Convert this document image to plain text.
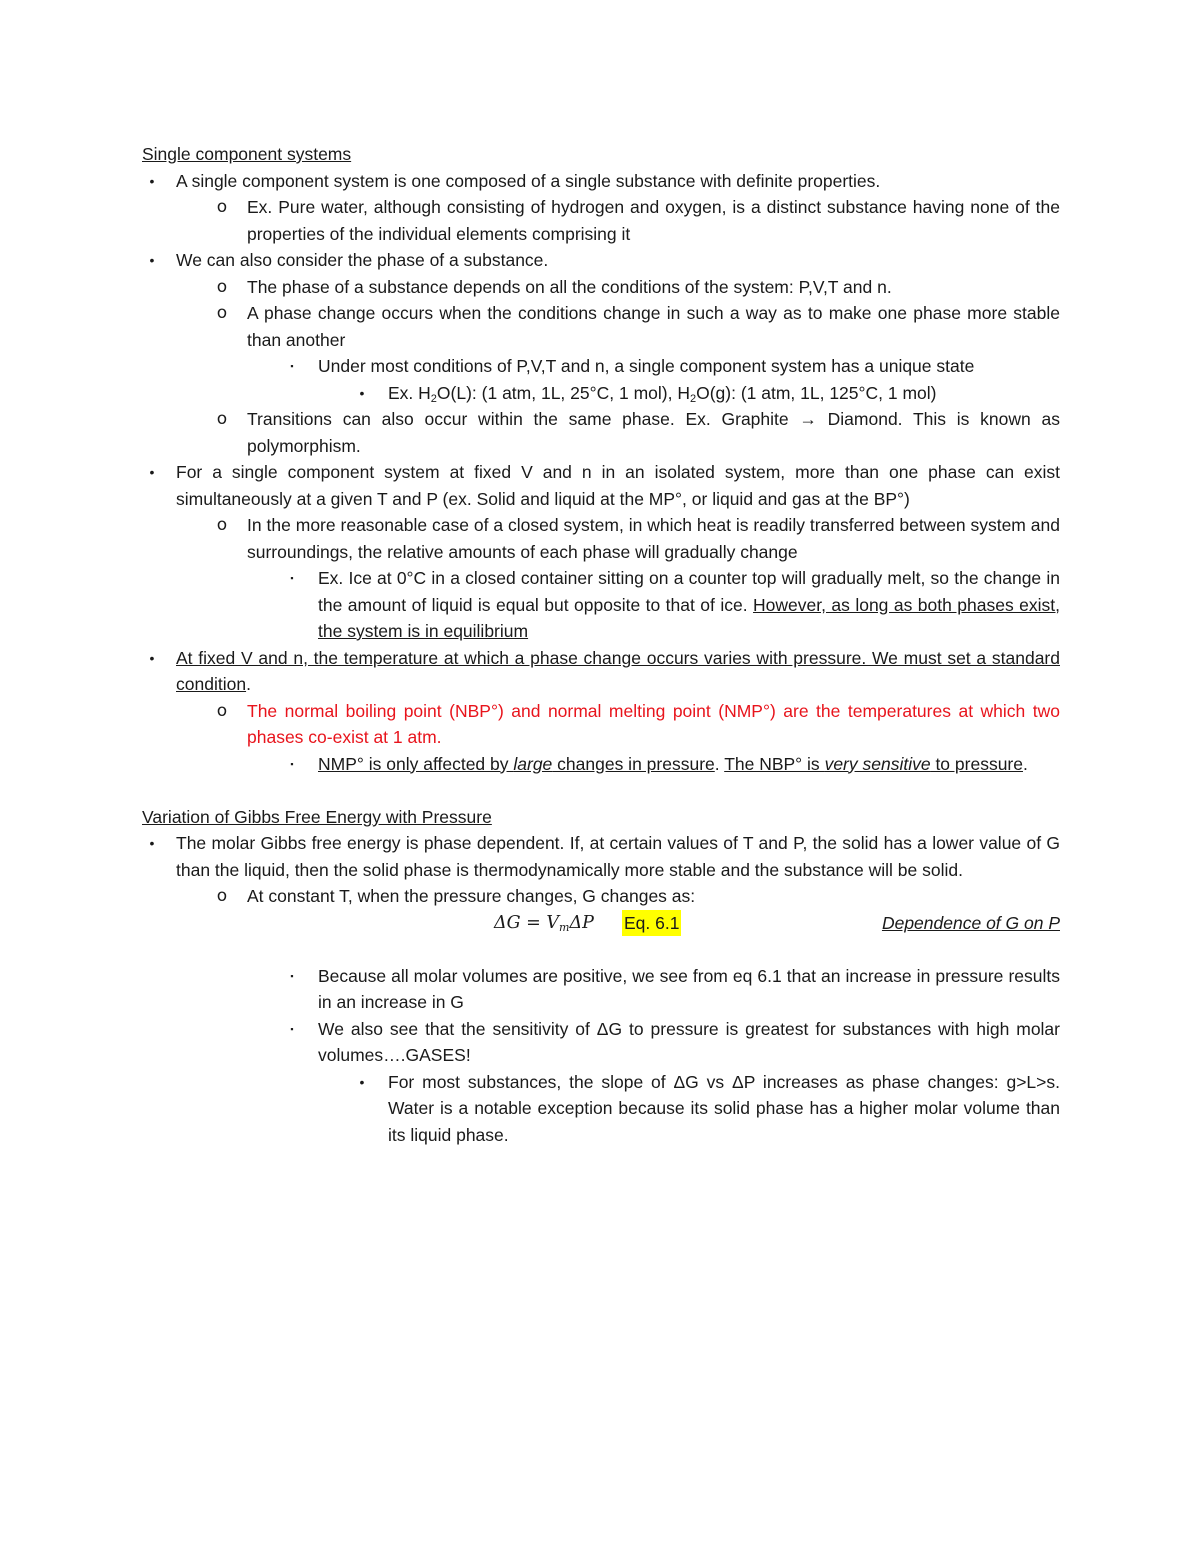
Single component systems
•	A single component system is one composed of a single substance with definite properties.
o Ex. Pure water, although consisting of hydrogen and oxygen, is a distinct substance having none of the properties of the individual elements comprising it
•	We can also consider the phase of a substance.
o The phase of a substance depends on all the conditions of the system: P,V,T and n.
o A phase change occurs when the conditions change in such a way as to make one phase more stable than another
▪	Under most conditions of P,V,T and n, a single component system has a unique state
•	Ex. $H_2O(L)$: (1 atm, 1L, 25°C, 1 mol), $H_2O(g)$: (1 atm, 1L, 125°C, 1 mol)
o Transitions can also occur within the same phase. Ex. Graphite → Diamond. This is known as polymorphism.
•	For a single component system at fixed V and n in an isolated system, more than one phase can exist simultaneously at a given T and P (ex. Solid and liquid at the MP°, or liquid and gas at the BP°)
o In the more reasonable case of a closed system, in which heat is readily transferred between system and surroundings, the relative amounts of each phase will gradually change
▪	Ex. Ice at 0°C in a closed container sitting on a counter top will gradually melt, so the change in the amount of liquid is equal but opposite to that of ice. However, as long as both phases exist, the system is in equilibrium
•	At fixed V and n, the temperature at which a phase change occurs varies with pressure. We must set a standard condition.
o The normal boiling point (NBP°) and normal melting point (NMP°) are the temperatures at which two phases co-exist at 1 atm.
▪	NMP° is only affected by large changes in pressure. The NBP° is very sensitive to pressure.
Variation of Gibbs Free Energy with Pressure
•	The molar Gibbs free energy is phase dependent. If, at certain values of T and P, the solid has a lower value of G than the liquid, then the solid phase is thermodynamically more stable and the substance will be solid.
o At constant T, when the pressure changes, G changes as:
$\Delta G = V_m\Delta P$ Eq. 6.1	Dependence of G on P
▪	Because all molar volumes are positive, we see from eq 6.1 that an increase in pressure results in an increase in G
▪	We also see that the sensitivity of ΔG to pressure is greatest for substances with high molar volumes….GASES!
•	For most substances, the slope of ΔG vs ΔP increases as phase changes: g>L>s. Water is a notable exception because its solid phase has a higher molar volume than its liquid phase.
